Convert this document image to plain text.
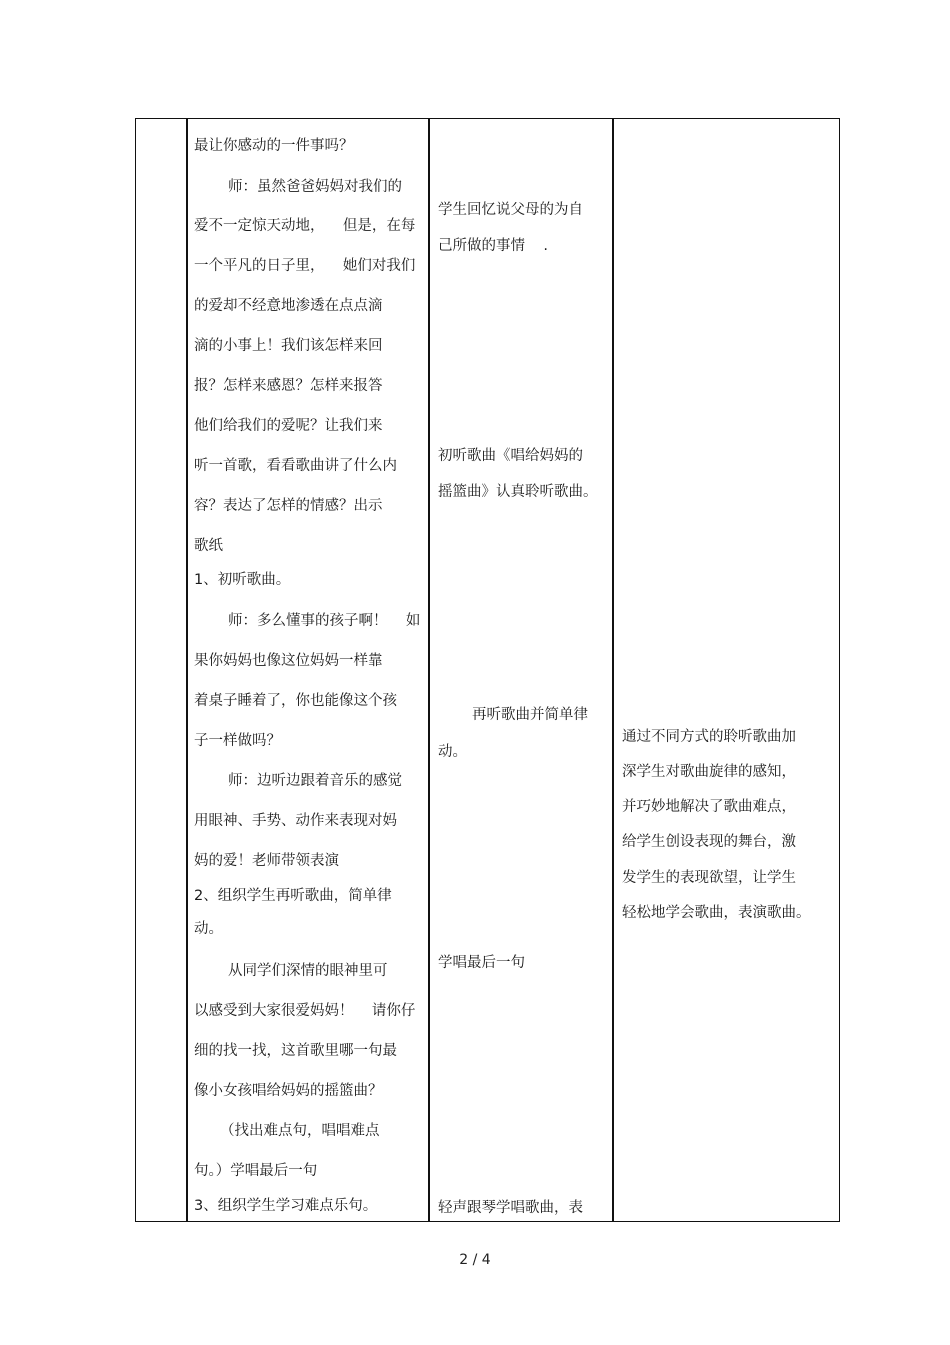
最让你感动的一件事吗？
师：虽然爸爸妈妈对我们的
爱不一定惊天动地，    但是，在每
一个平凡的日子里，    她们对我们
的爱却不经意地渗透在点点滴
滴的小事上！我们该怎样来回
报？怎样来感恩？怎样来报答
他们给我们的爱呢？让我们来
听一首歌，看看歌曲讲了什么内
容？表达了怎样的情感？出示
歌纸
1、初听歌曲。
师：多么懂事的孩子啊！    如
果你妈妈也像这位妈妈一样靠
着桌子睡着了，你也能像这个孩
子一样做吗？
师：边听边跟着音乐的感觉
用眼神、手势、动作来表现对妈
妈的爱！老师带领表演
2、组织学生再听歌曲，简单律
动。
从同学们深情的眼神里可
以感受到大家很爱妈妈！    请你仔
细的找一找，这首歌里哪一句最
像小女孩唱给妈妈的摇篮曲？
（找出难点句，唱唱难点
句。）学唱最后一句
3、组织学生学习难点乐句。
学生回忆说父母的为自
己所做的事情    .
初听歌曲《唱给妈妈的
摇篮曲》认真聆听歌曲。
再听歌曲并简单律
动。
学唱最后一句
轻声跟琴学唱歌曲，表
通过不同方式的聆听歌曲加
深学生对歌曲旋律的感知，
并巧妙地解决了歌曲难点，
给学生创设表现的舞台，激
发学生的表现欲望，让学生
轻松地学会歌曲，表演歌曲。
2 / 4
